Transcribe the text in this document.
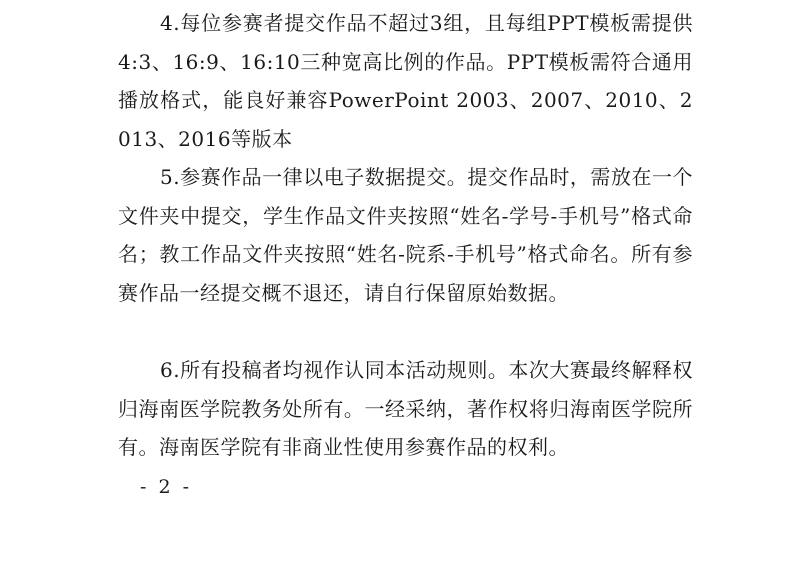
4.每位参赛者提交作品不超过3组，且每组PPT模板需提供4:3、16:9、16:10三种宽高比例的作品。PPT模板需符合通用播放格式，能良好兼容PowerPoint 2003、2007、2010、2013、2016等版本

5.参赛作品一律以电子数据提交。提交作品时，需放在一个文件夹中提交，学生作品文件夹按照“姓名-学号-手机号”格式命名；教工作品文件夹按照“姓名-院系-手机号”格式命名。所有参赛作品一经提交概不退还，请自行保留原始数据。

6.所有投稿者均视作认同本活动规则。本次大赛最终解释权归海南医学院教务处所有。一经采纳，著作权将归海南医学院所有。海南医学院有非商业性使用参赛作品的权利。

- 2 -
